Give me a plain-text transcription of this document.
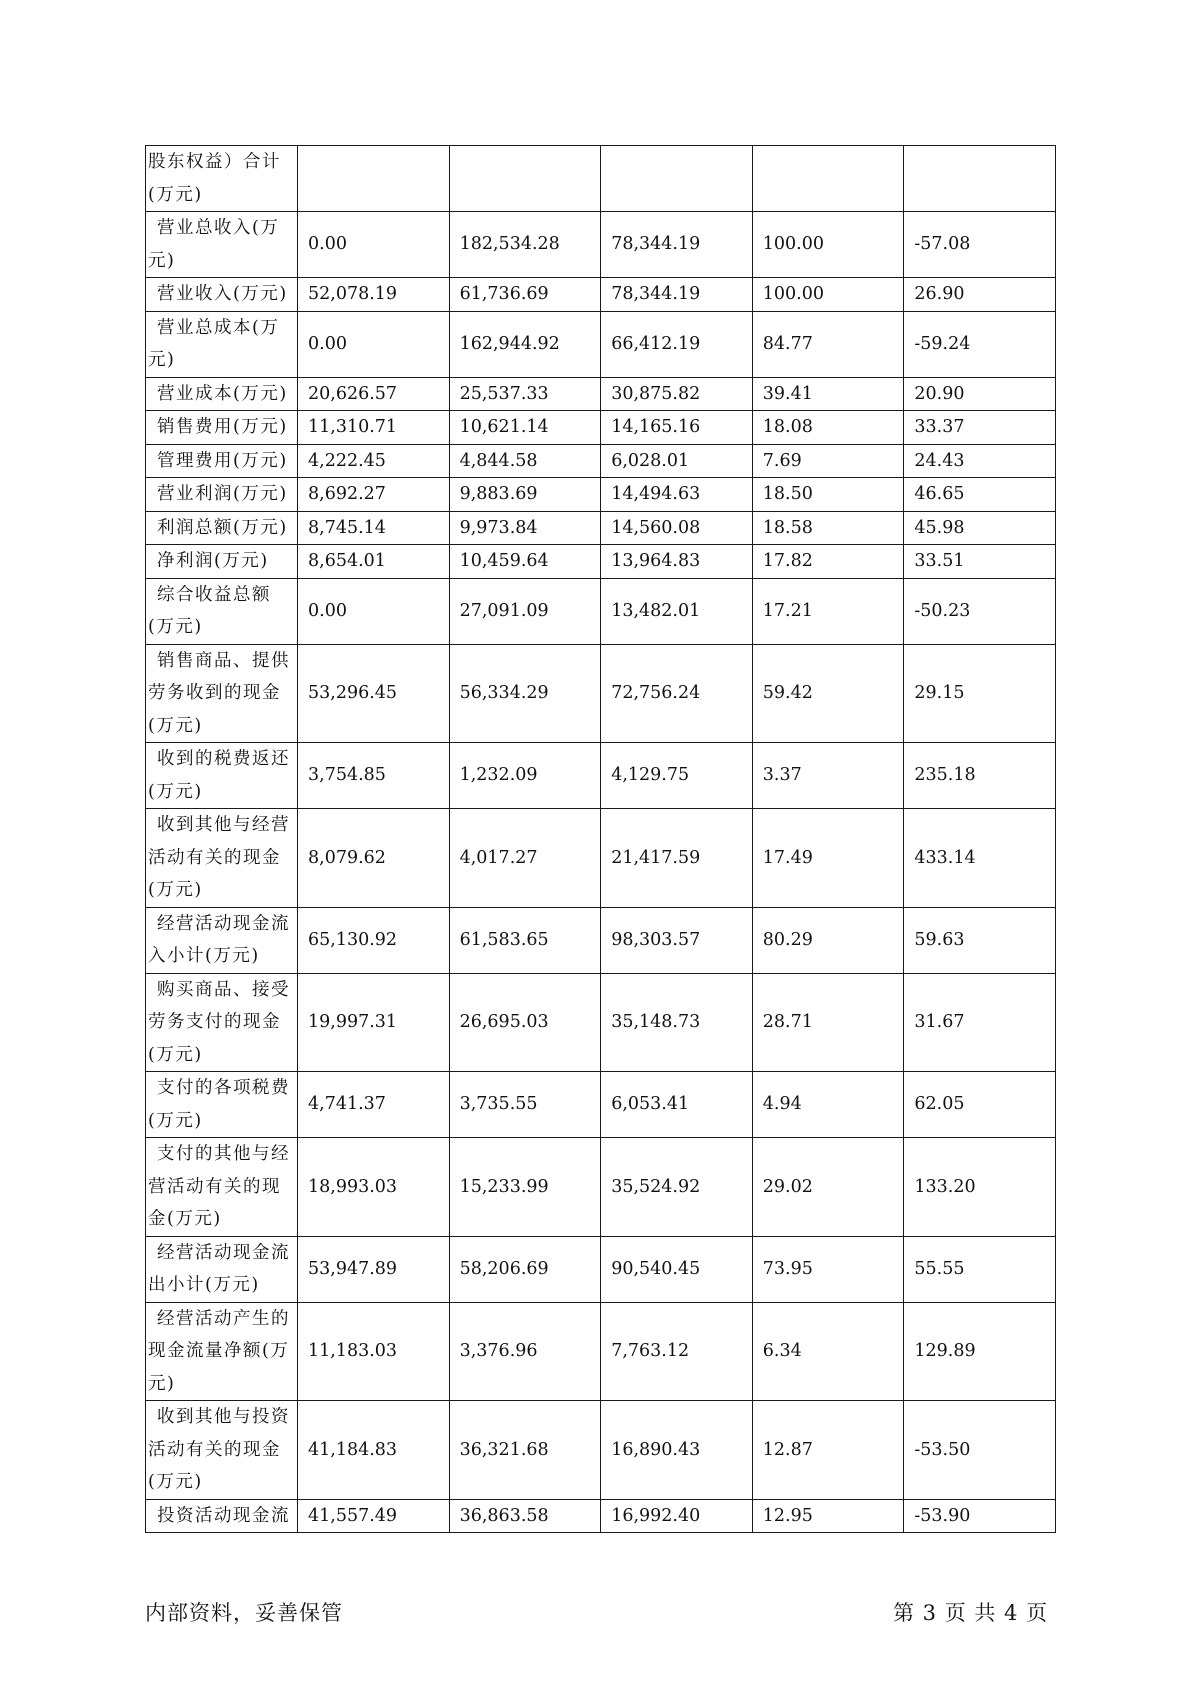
股东权益）合计(万元)					
营业总收入(万元)	0.00	182,534.28	78,344.19	100.00	-57.08
营业收入(万元)	52,078.19	61,736.69	78,344.19	100.00	26.90
营业总成本(万元)	0.00	162,944.92	66,412.19	84.77	-59.24
营业成本(万元)	20,626.57	25,537.33	30,875.82	39.41	20.90
销售费用(万元)	11,310.71	10,621.14	14,165.16	18.08	33.37
管理费用(万元)	4,222.45	4,844.58	6,028.01	7.69	24.43
营业利润(万元)	8,692.27	9,883.69	14,494.63	18.50	46.65
利润总额(万元)	8,745.14	9,973.84	14,560.08	18.58	45.98
净利润(万元)	8,654.01	10,459.64	13,964.83	17.82	33.51
综合收益总额(万元)	0.00	27,091.09	13,482.01	17.21	-50.23
销售商品、提供劳务收到的现金(万元)	53,296.45	56,334.29	72,756.24	59.42	29.15
收到的税费返还(万元)	3,754.85	1,232.09	4,129.75	3.37	235.18
收到其他与经营活动有关的现金(万元)	8,079.62	4,017.27	21,417.59	17.49	433.14
经营活动现金流入小计(万元)	65,130.92	61,583.65	98,303.57	80.29	59.63
购买商品、接受劳务支付的现金(万元)	19,997.31	26,695.03	35,148.73	28.71	31.67
支付的各项税费(万元)	4,741.37	3,735.55	6,053.41	4.94	62.05
支付的其他与经营活动有关的现金(万元)	18,993.03	15,233.99	35,524.92	29.02	133.20
经营活动现金流出小计(万元)	53,947.89	58,206.69	90,540.45	73.95	55.55
经营活动产生的现金流量净额(万元)	11,183.03	3,376.96	7,763.12	6.34	129.89
收到其他与投资活动有关的现金(万元)	41,184.83	36,321.68	16,890.43	12.87	-53.50
投资活动现金流	41,557.49	36,863.58	16,992.40	12.95	-53.90
内部资料，妥善保管	第 3 页 共 4 页
